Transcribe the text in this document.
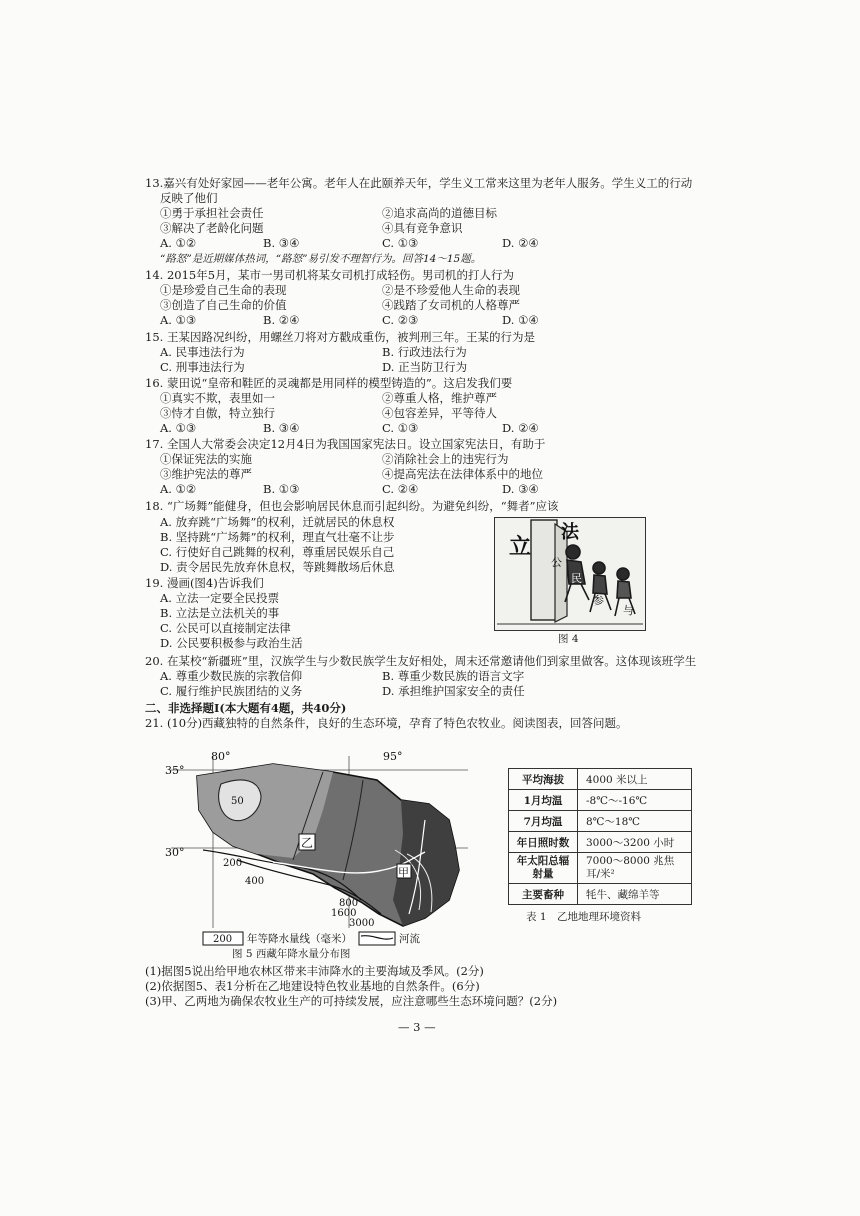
13.嘉兴有处好家园——老年公寓。老年人在此颐养天年，学生义工常来这里为老年人服务。学生义工的行动
反映了他们
①勇于承担社会责任	②追求高尚的道德目标
③解决了老龄化问题	④具有竞争意识
A. ①②	B. ③④	C. ①③	D. ②④
“路怒”是近期媒体热词，“路怒”易引发不理智行为。回答14～15题。
14. 2015年5月，某市一男司机将某女司机打成轻伤。男司机的打人行为
①是珍爱自己生命的表现	②是不珍爱他人生命的表现
③创造了自己生命的价值	④践踏了女司机的人格尊严
A. ①③	B. ②④	C. ②③	D. ①④
15. 王某因路况纠纷，用螺丝刀将对方戳成重伤，被判刑三年。王某的行为是
A. 民事违法行为	B. 行政违法行为
C. 刑事违法行为	D. 正当防卫行为
16. 蒙田说“皇帝和鞋匠的灵魂都是用同样的模型铸造的”。这启发我们要
①真实不欺，表里如一	②尊重人格，维护尊严
③恃才自傲，特立独行	④包容差异，平等待人
A. ①③	B. ③④	C. ①③	D. ②④
17. 全国人大常委会决定12月4日为我国国家宪法日。设立国家宪法日，有助于
①保证宪法的实施	②消除社会上的违宪行为
③维护宪法的尊严	④提高宪法在法律体系中的地位
A. ①②	B. ①③	C. ②④	D. ③④
18. “广场舞”能健身，但也会影响居民休息而引起纠纷。为避免纠纷，“舞者”应该
A. 放弃跳“广场舞”的权利，迁就居民的休息权
B. 坚持跳“广场舞”的权利，理直气壮毫不让步
C. 行使好自己跳舞的权利，尊重居民娱乐自己
D. 责令居民先放弃休息权，等跳舞散场后休息
19. 漫画(图4)告诉我们
A. 立法一定要全民投票
B. 立法是立法机关的事
C. 公民可以直接制定法律
D. 公民要积极参与政治生活
立
法
公
民
参
与
图 4
20. 在某校“新疆班”里，汉族学生与少数民族学生友好相处，周末还常邀请他们到家里做客。这体现该班学生
A. 尊重少数民族的宗教信仰	B. 尊重少数民族的语言文字
C. 履行维护民族团结的义务	D. 承担维护国家安全的责任
二、非选择题Ⅰ(本大题有4题，共40分)
21. (10分)西藏独特的自然条件，良好的生态环境，孕育了特色农牧业。阅读图表，回答问题。
乙
甲
80°	95°
35°
30°
50
200
400
800
1600
3000
200 年等降水量线（毫米）	河流
图 5 西藏年降水量分布图
平均海拔	4000 米以上
1月均温	-8℃～-16℃
7月均温	8℃～18℃
年日照时数	3000～3200 小时
年太阳总辐射量	7000～8000 兆焦耳/米²
主要畜种	牦牛、藏绵羊等
表 1　乙地地理环境资料
(1)据图5说出给甲地农林区带来丰沛降水的主要海域及季风。(2分)
(2)依据图5、表1分析在乙地建设特色牧业基地的自然条件。(6分)
(3)甲、乙两地为确保农牧业生产的可持续发展，应注意哪些生态环境问题？(2分)
— 3 —
